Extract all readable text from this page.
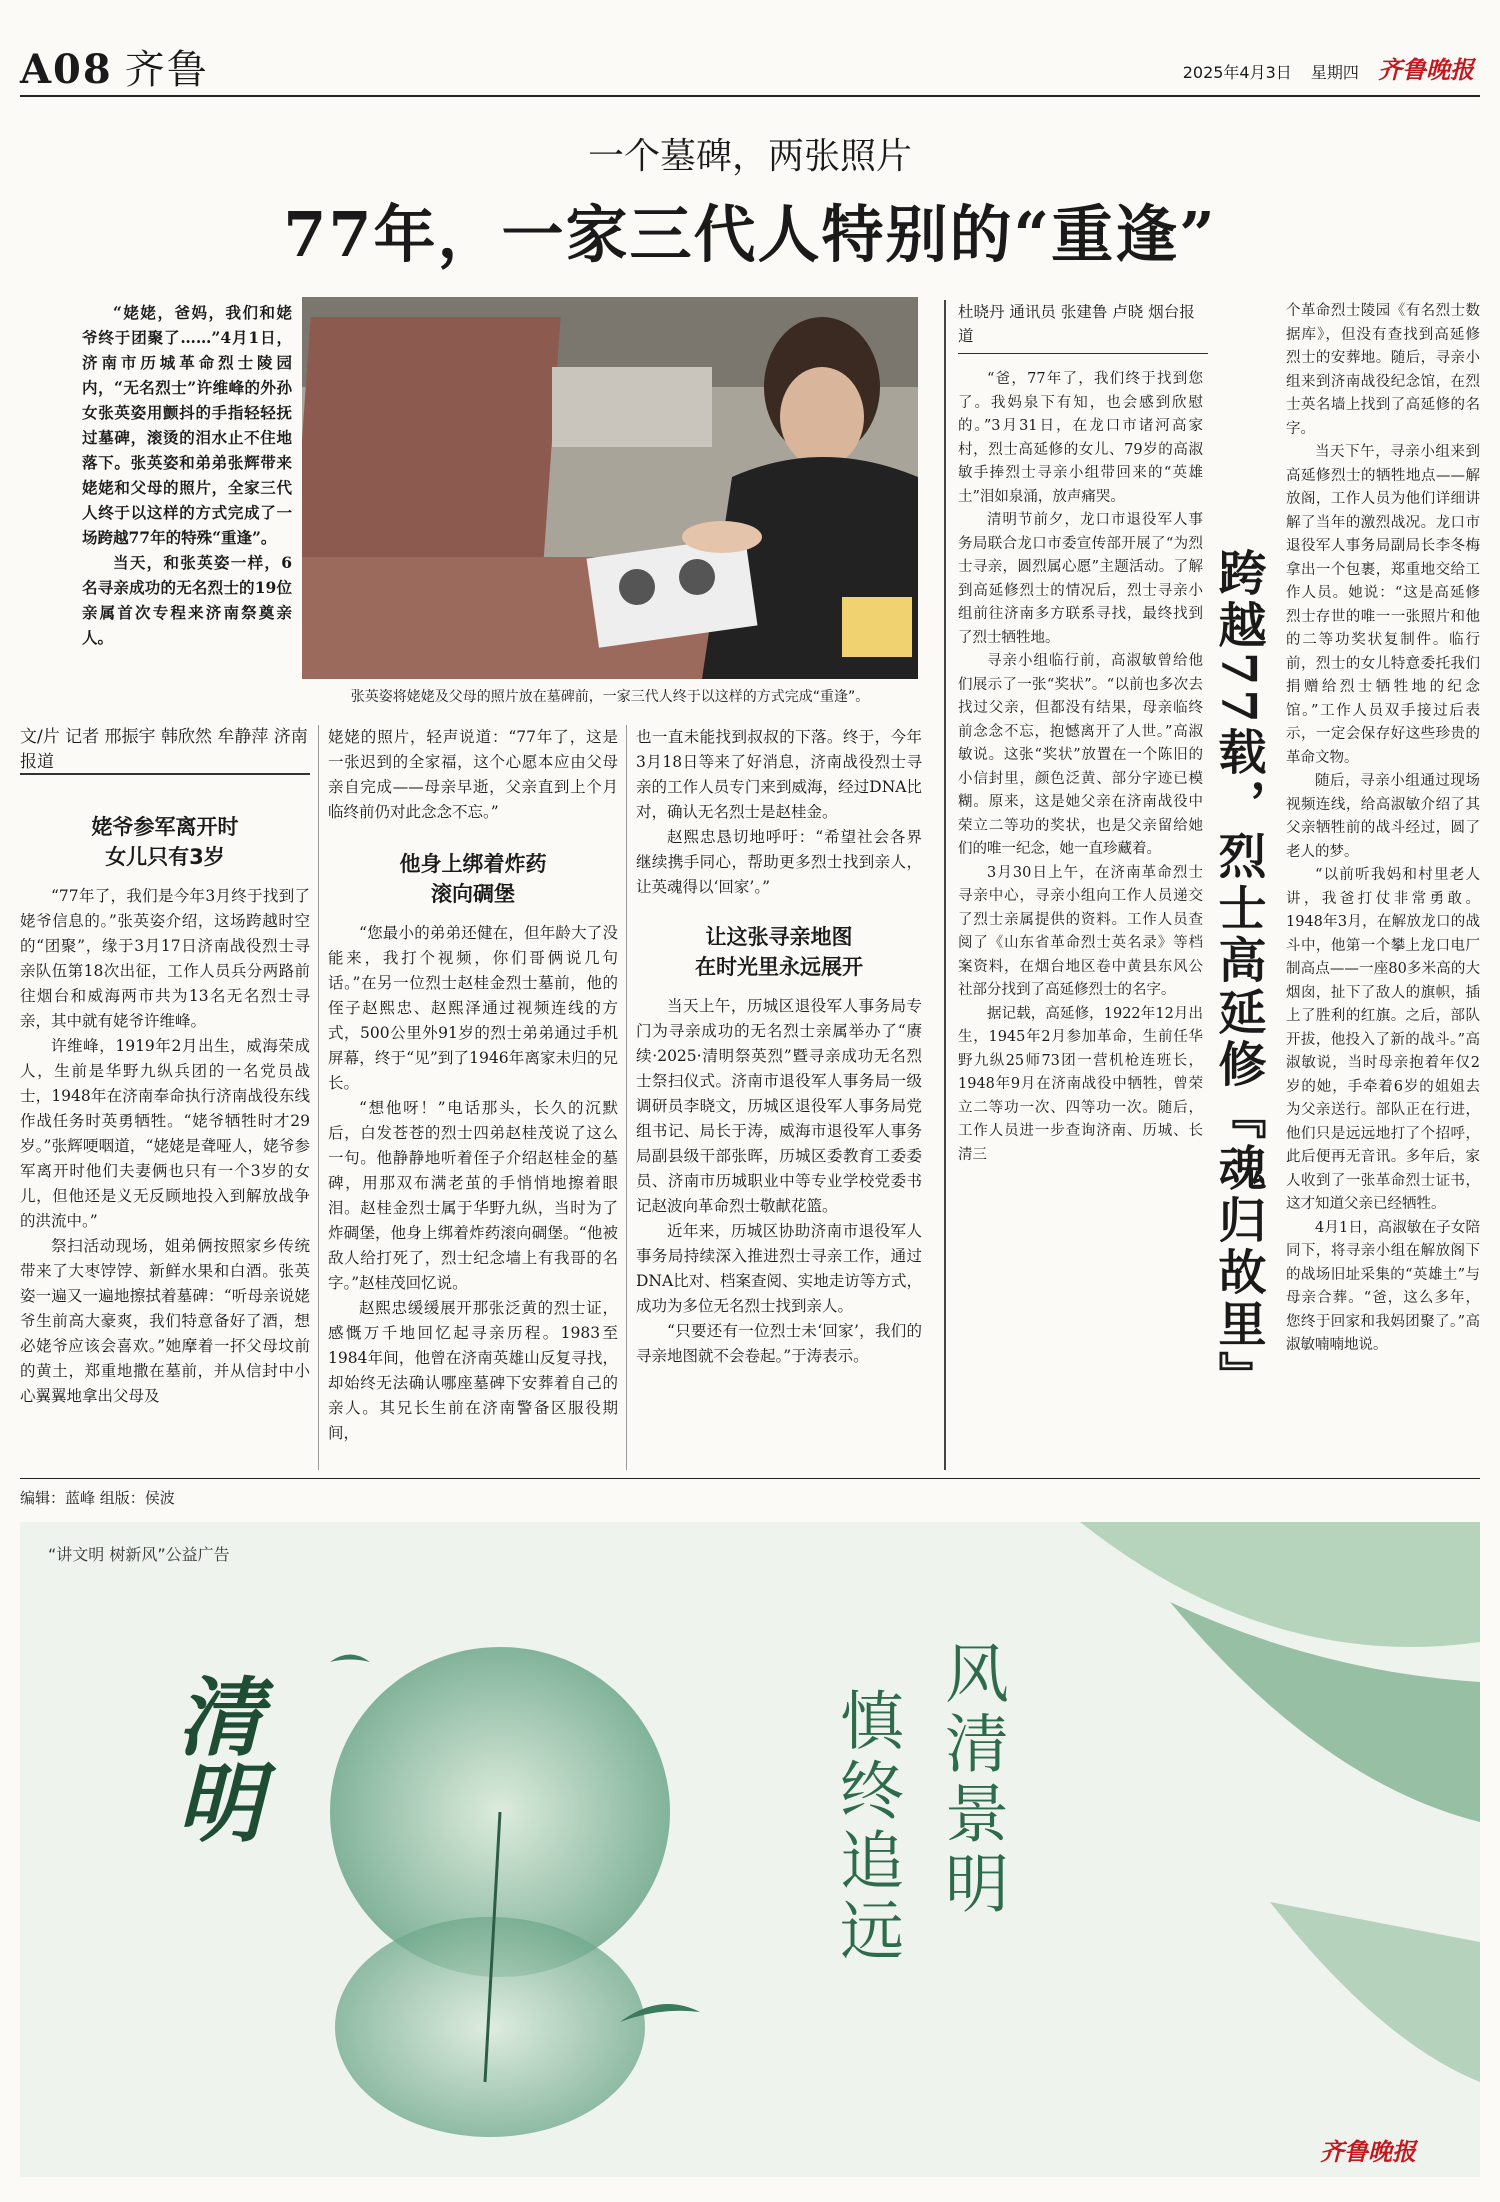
A08 齐鲁	2025年4月3日 星期四 齐鲁晚报
一个墓碑，两张照片
77年，一家三代人特别的“重逢”

“姥姥，爸妈，我们和姥爷终于团聚了……”4月1日，济南市历城革命烈士陵园内，“无名烈士”许维峰的外孙女张英姿用颤抖的手指轻轻抚过墓碑，滚烫的泪水止不住地落下。张英姿和弟弟张辉带来姥姥和父母的照片，全家三代人终于以这样的方式完成了一场跨越77年的特殊“重逢”。

当天，和张英姿一样，6名寻亲成功的无名烈士的19位亲属首次专程来济南祭奠亲人。

张英姿将姥姥及父母的照片放在墓碑前，一家三代人终于以这样的方式完成“重逢”。
文/片 记者 邢振宇 韩欣然 牟静萍 济南报道
姥爷参军离开时
女儿只有3岁

“77年了，我们是今年3月终于找到了姥爷信息的。”张英姿介绍，这场跨越时空的“团聚”，缘于3月17日济南战役烈士寻亲队伍第18次出征，工作人员兵分两路前往烟台和威海两市共为13名无名烈士寻亲，其中就有姥爷许维峰。

许维峰，1919年2月出生，威海荣成人，生前是华野九纵兵团的一名党员战士，1948年在济南奉命执行济南战役东线作战任务时英勇牺牲。“姥爷牺牲时才29岁。”张辉哽咽道，“姥姥是聋哑人，姥爷参军离开时他们夫妻俩也只有一个3岁的女儿，但他还是义无反顾地投入到解放战争的洪流中。”

祭扫活动现场，姐弟俩按照家乡传统带来了大枣饽饽、新鲜水果和白酒。张英姿一遍又一遍地擦拭着墓碑：“听母亲说姥爷生前高大豪爽，我们特意备好了酒，想必姥爷应该会喜欢。”她摩着一抔父母坟前的黄土，郑重地撒在墓前，并从信封中小心翼翼地拿出父母及

姥姥的照片，轻声说道：“77年了，这是一张迟到的全家福，这个心愿本应由父母亲自完成——母亲早逝，父亲直到上个月临终前仍对此念念不忘。”

他身上绑着炸药
滚向碉堡

“您最小的弟弟还健在，但年龄大了没能来，我打个视频，你们哥俩说几句话。”在另一位烈士赵桂金烈士墓前，他的侄子赵熙忠、赵熙泽通过视频连线的方式，500公里外91岁的烈士弟弟通过手机屏幕，终于“见”到了1946年离家未归的兄长。

“想他呀！”电话那头，长久的沉默后，白发苍苍的烈士四弟赵桂茂说了这么一句。他静静地听着侄子介绍赵桂金的墓碑，用那双布满老茧的手悄悄地擦着眼泪。赵桂金烈士属于华野九纵，当时为了炸碉堡，他身上绑着炸药滚向碉堡。“他被敌人给打死了，烈士纪念墙上有我哥的名字。”赵桂茂回忆说。

赵熙忠缓缓展开那张泛黄的烈士证，感慨万千地回忆起寻亲历程。1983至1984年间，他曾在济南英雄山反复寻找，却始终无法确认哪座墓碑下安葬着自己的亲人。其兄长生前在济南警备区服役期间，

也一直未能找到叔叔的下落。终于，今年3月18日等来了好消息，济南战役烈士寻亲的工作人员专门来到威海，经过DNA比对，确认无名烈士是赵桂金。

赵熙忠恳切地呼吁：“希望社会各界继续携手同心，帮助更多烈士找到亲人，让英魂得以‘回家’。”

让这张寻亲地图
在时光里永远展开

当天上午，历城区退役军人事务局专门为寻亲成功的无名烈士亲属举办了“赓续·2025·清明祭英烈”暨寻亲成功无名烈士祭扫仪式。济南市退役军人事务局一级调研员李晓文，历城区退役军人事务局党组书记、局长于涛，威海市退役军人事务局副县级干部张晖，历城区委教育工委委员、济南市历城职业中等专业学校党委书记赵波向革命烈士敬献花篮。

近年来，历城区协助济南市退役军人事务局持续深入推进烈士寻亲工作，通过DNA比对、档案查阅、实地走访等方式，成功为多位无名烈士找到亲人。

“只要还有一位烈士未‘回家’，我们的寻亲地图就不会卷起。”于涛表示。

杜晓丹 通讯员 张建鲁 卢晓 烟台报道

“爸，77年了，我们终于找到您了。我妈泉下有知，也会感到欣慰的。”3月31日，在龙口市诸河高家村，烈士高延修的女儿、79岁的高淑敏手捧烈士寻亲小组带回来的“英雄土”泪如泉涌，放声痛哭。

清明节前夕，龙口市退役军人事务局联合龙口市委宣传部开展了“为烈士寻亲，圆烈属心愿”主题活动。了解到高延修烈士的情况后，烈士寻亲小组前往济南多方联系寻找，最终找到了烈士牺牲地。

寻亲小组临行前，高淑敏曾给他们展示了一张“奖状”。“以前也多次去找过父亲，但都没有结果，母亲临终前念念不忘，抱憾离开了人世。”高淑敏说。这张“奖状”放置在一个陈旧的小信封里，颜色泛黄、部分字迹已模糊。原来，这是她父亲在济南战役中荣立二等功的奖状，也是父亲留给她们的唯一纪念，她一直珍藏着。

3月30日上午，在济南革命烈士寻亲中心，寻亲小组向工作人员递交了烈士亲属提供的资料。工作人员查阅了《山东省革命烈士英名录》等档案资料，在烟台地区卷中黄县东风公社部分找到了高延修烈士的名字。

据记载，高延修，1922年12月出生，1945年2月参加革命，生前任华野九纵25师73团一营机枪连班长，1948年9月在济南战役中牺牲，曾荣立二等功一次、四等功一次。随后，工作人员进一步查询济南、历城、长清三	跨越77载，烈士高延修『魂归故里』

个革命烈士陵园《有名烈士数据库》，但没有查找到高延修烈士的安葬地。随后，寻亲小组来到济南战役纪念馆，在烈士英名墙上找到了高延修的名字。

当天下午，寻亲小组来到高延修烈士的牺牲地点——解放阁，工作人员为他们详细讲解了当年的激烈战况。龙口市退役军人事务局副局长李冬梅拿出一个包裹，郑重地交给工作人员。她说：“这是高延修烈士存世的唯一一张照片和他的二等功奖状复制件。临行前，烈士的女儿特意委托我们捐赠给烈士牺牲地的纪念馆。”工作人员双手接过后表示，一定会保存好这些珍贵的革命文物。

随后，寻亲小组通过现场视频连线，给高淑敏介绍了其父亲牺牲前的战斗经过，圆了老人的梦。

“以前听我妈和村里老人讲，我爸打仗非常勇敢。1948年3月，在解放龙口的战斗中，他第一个攀上龙口电厂制高点——一座80多米高的大烟囱，扯下了敌人的旗帜，插上了胜利的红旗。之后，部队开拔，他投入了新的战斗。”高淑敏说，当时母亲抱着年仅2岁的她，手牵着6岁的姐姐去为父亲送行。部队正在行进，他们只是远远地打了个招呼，此后便再无音讯。多年后，家人收到了一张革命烈士证书，这才知道父亲已经牺牲。

4月1日，高淑敏在子女陪同下，将寻亲小组在解放阁下的战场旧址采集的“英雄土”与母亲合葬。“爸，这么多年，您终于回家和我妈团聚了。”高淑敏喃喃地说。

编辑：蓝峰 组版：侯波
“讲文明 树新风”公益广告
清明	风清景明
慎终追远
齐鲁晚报
